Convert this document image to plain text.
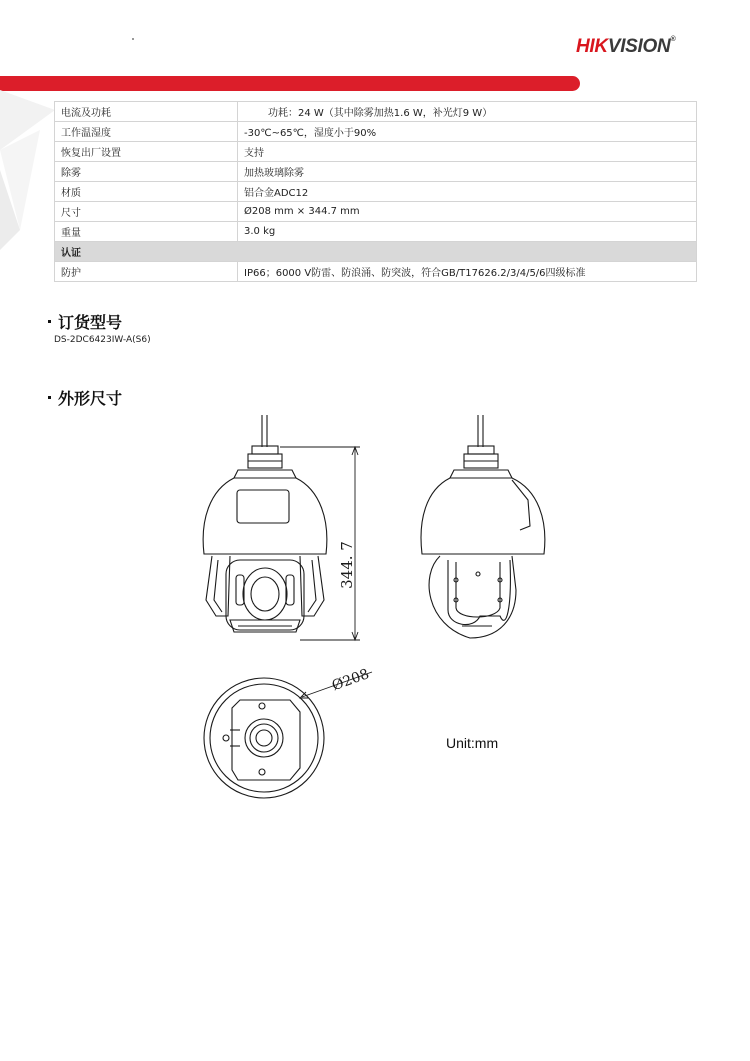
HIKVISION®
电流及功耗	功耗：24 W（其中除雾加热1.6 W，补光灯9 W）
工作温湿度	-30℃~65℃，湿度小于90%
恢复出厂设置	支持
除雾	加热玻璃除雾
材质	铝合金ADC12
尺寸	Ø208 mm × 344.7 mm
重量	3.0 kg
认证	
防护	IP66；6000 V防雷、防浪涌、防突波，符合GB/T17626.2/3/4/5/6四级标准
订货型号
DS-2DC6423IW-A(S6)
外形尺寸
344. 7
Ø208
Unit:mm
